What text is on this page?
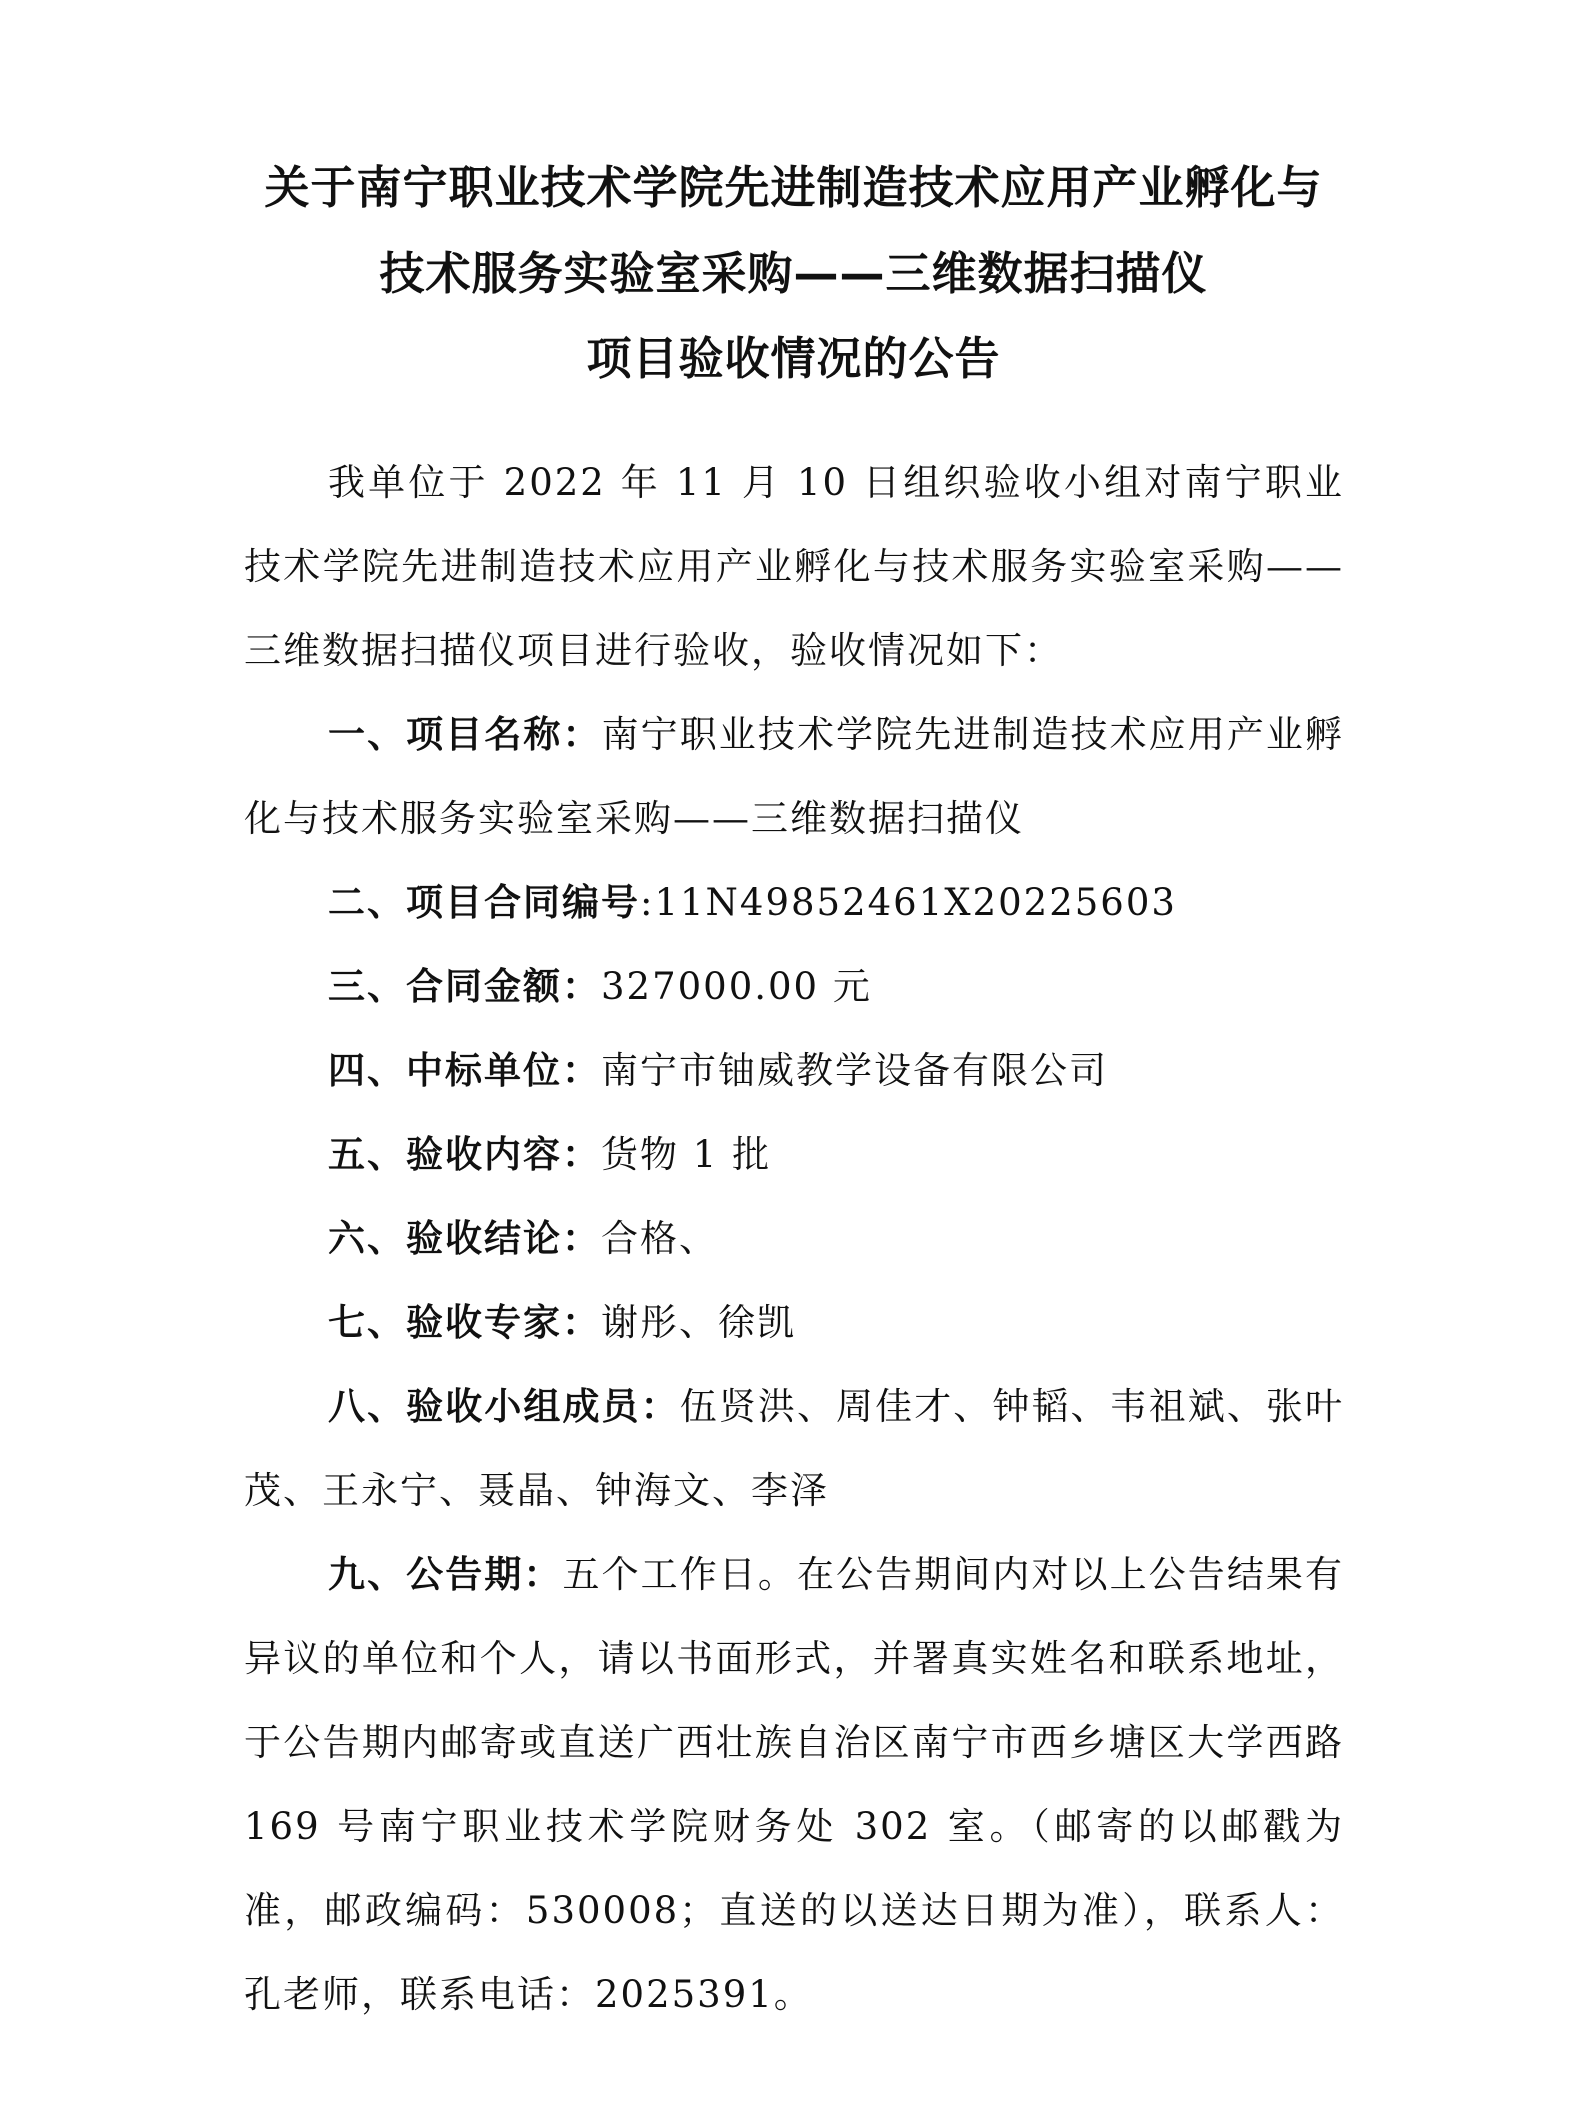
关于南宁职业技术学院先进制造技术应用产业孵化与
技术服务实验室采购——三维数据扫描仪
项目验收情况的公告

我单位于 2022 年 11 月 10 日组织验收小组对南宁职业技术学院先进制造技术应用产业孵化与技术服务实验室采购——三维数据扫描仪项目进行验收，验收情况如下：

一、项目名称：南宁职业技术学院先进制造技术应用产业孵化与技术服务实验室采购——三维数据扫描仪

二、项目合同编号:11N49852461X20225603

三、合同金额：327000.00 元

四、中标单位：南宁市铀威教学设备有限公司

五、验收内容：货物 1 批

六、验收结论：合格、

七、验收专家：谢彤、徐凯

八、验收小组成员：伍贤洪、周佳才、钟韬、韦祖斌、张叶茂、王永宁、聂晶、钟海文、李泽

九、公告期：五个工作日。在公告期间内对以上公告结果有异议的单位和个人，请以书面形式，并署真实姓名和联系地址，于公告期内邮寄或直送广西壮族自治区南宁市西乡塘区大学西路 169 号南宁职业技术学院财务处 302 室。（邮寄的以邮戳为准，邮政编码：530008；直送的以送达日期为准），联系人：孔老师，联系电话：2025391。
